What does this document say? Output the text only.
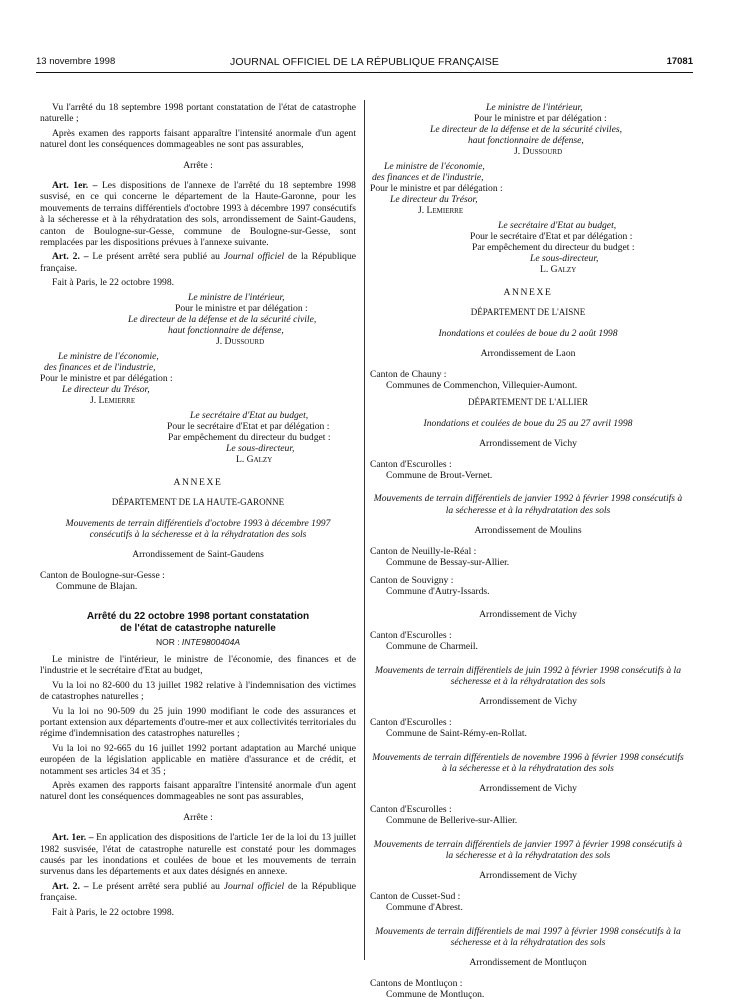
13 novembre 1998	JOURNAL OFFICIEL DE LA RÉPUBLIQUE FRANÇAISE	17081

Vu l'arrêté du 18 septembre 1998 portant constatation de l'état de catastrophe naturelle ;

Après examen des rapports faisant apparaître l'intensité anormale d'un agent naturel dont les conséquences dommageables ne sont pas assurables,

Arrête :

Art. 1er. – Les dispositions de l'annexe de l'arrêté du 18 septembre 1998 susvisé, en ce qui concerne le département de la Haute-Garonne, pour les mouvements de terrains différentiels d'octobre 1993 à décembre 1997 consécutifs à la sécheresse et à la réhydratation des sols, arrondissement de Saint-Gaudens, canton de Boulogne-sur-Gesse, commune de Boulogne-sur-Gesse, sont remplacées par les dispositions prévues à l'annexe suivante.

Art. 2. – Le présent arrêté sera publié au Journal officiel de la République française.

Fait à Paris, le 22 octobre 1998.

Le ministre de l'intérieur,
Pour le ministre et par délégation :
Le directeur de la défense et de la sécurité civile,
haut fonctionnaire de défense,
J. Dussourd
Le ministre de l'économie,
des finances et de l'industrie,
Pour le ministre et par délégation :
Le directeur du Trésor,
J. Lemierre
Le secrétaire d'Etat au budget,
Pour le secrétaire d'Etat et par délégation :
Par empêchement du directeur du budget :
Le sous-directeur,
L. Galzy

ANNEXE

DÉPARTEMENT DE LA HAUTE-GARONNE

Mouvements de terrain différentiels d'octobre 1993 à décembre 1997 consécutifs à la sécheresse et à la réhydratation des sols

Arrondissement de Saint-Gaudens

Canton de Boulogne-sur-Gesse :

Commune de Blajan.

Arrêté du 22 octobre 1998 portant constatation

de l'état de catastrophe naturelle

NOR : INTE9800404A

Le ministre de l'intérieur, le ministre de l'économie, des finances et de l'industrie et le secrétaire d'Etat au budget,

Vu la loi no 82-600 du 13 juillet 1982 relative à l'indemnisation des victimes de catastrophes naturelles ;

Vu la loi no 90-509 du 25 juin 1990 modifiant le code des assurances et portant extension aux départements d'outre-mer et aux collectivités territoriales du régime d'indemnisation des catastrophes naturelles ;

Vu la loi no 92-665 du 16 juillet 1992 portant adaptation au Marché unique européen de la législation applicable en matière d'assurance et de crédit, et notamment ses articles 34 et 35 ;

Après examen des rapports faisant apparaître l'intensité anormale d'un agent naturel dont les conséquences dommageables ne sont pas assurables,

Arrête :

Art. 1er. – En application des dispositions de l'article 1er de la loi du 13 juillet 1982 susvisée, l'état de catastrophe naturelle est constaté pour les dommages causés par les inondations et coulées de boue et les mouvements de terrain survenus dans les départements et aux dates désignés en annexe.

Art. 2. – Le présent arrêté sera publié au Journal officiel de la République française.

Fait à Paris, le 22 octobre 1998.

Le ministre de l'intérieur,
Pour le ministre et par délégation :
Le directeur de la défense et de la sécurité civiles,
haut fonctionnaire de défense,
J. Dussourd
Le ministre de l'économie,
des finances et de l'industrie,
Pour le ministre et par délégation :
Le directeur du Trésor,
J. Lemierre
Le secrétaire d'Etat au budget,
Pour le secrétaire d'Etat et par délégation :
Par empêchement du directeur du budget :
Le sous-directeur,
L. Galzy

ANNEXE

DÉPARTEMENT DE L'AISNE

Inondations et coulées de boue du 2 août 1998

Arrondissement de Laon

Canton de Chauny :

Communes de Commenchon, Villequier-Aumont.

DÉPARTEMENT DE L'ALLIER

Inondations et coulées de boue du 25 au 27 avril 1998

Arrondissement de Vichy

Canton d'Escurolles :

Commune de Brout-Vernet.

Mouvements de terrain différentiels de janvier 1992 à février 1998 consécutifs à la sécheresse et à la réhydratation des sols

Arrondissement de Moulins

Canton de Neuilly-le-Réal :

Commune de Bessay-sur-Allier.

Canton de Souvigny :

Commune d'Autry-Issards.

Arrondissement de Vichy

Canton d'Escurolles :

Commune de Charmeil.

Mouvements de terrain différentiels de juin 1992 à février 1998 consécutifs à la sécheresse et à la réhydratation des sols

Arrondissement de Vichy

Canton d'Escurolles :

Commune de Saint-Rémy-en-Rollat.

Mouvements de terrain différentiels de novembre 1996 à février 1998 consécutifs à la sécheresse et à la réhydratation des sols

Arrondissement de Vichy

Canton d'Escurolles :

Commune de Bellerive-sur-Allier.

Mouvements de terrain différentiels de janvier 1997 à février 1998 consécutifs à la sécheresse et à la réhydratation des sols

Arrondissement de Vichy

Canton de Cusset-Sud :

Commune d'Abrest.

Mouvements de terrain différentiels de mai 1997 à février 1998 consécutifs à la sécheresse et à la réhydratation des sols

Arrondissement de Montluçon

Cantons de Montluçon :

Commune de Montluçon.
